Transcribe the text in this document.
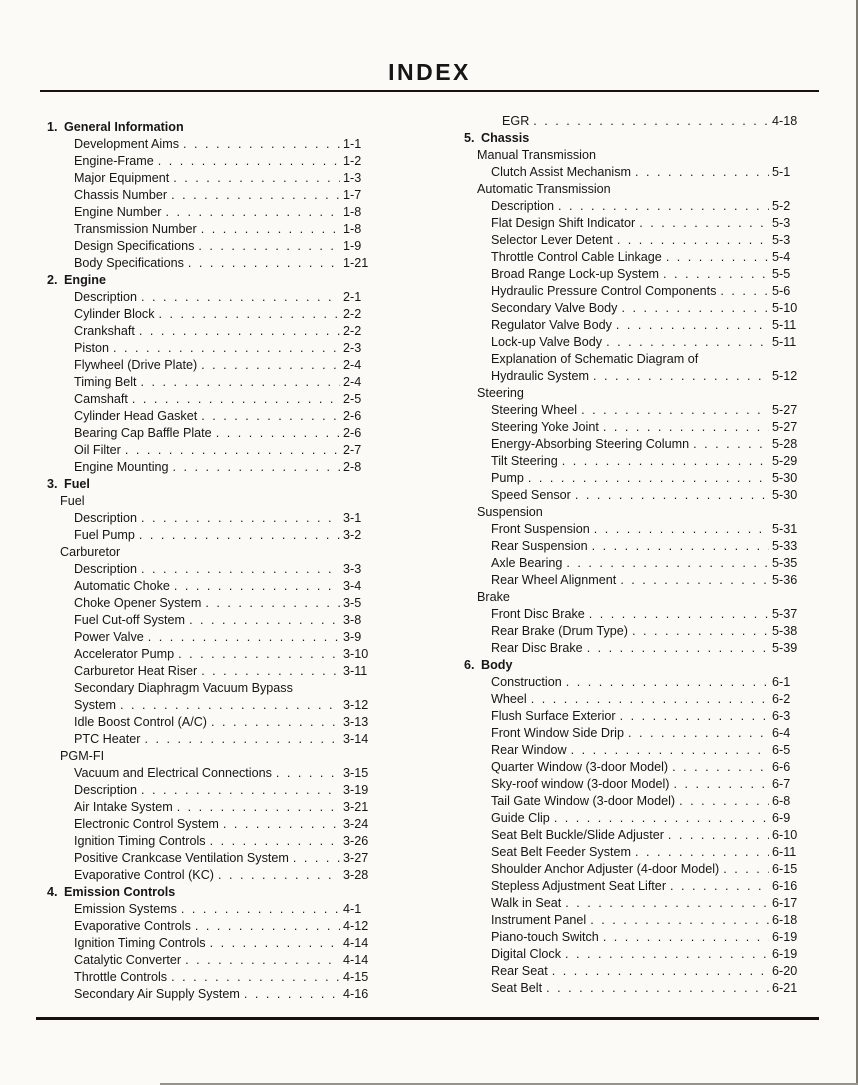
INDEX
1. General Information
Development Aims . . .	1-1
Engine-Frame . . .	1-2
Major Equipment . . .	1-3
Chassis Number . . .	1-7
Engine Number . . .	1-8
Transmission Number . . .	1-8
Design Specifications . . .	1-9
Body Specifications . . .	1-21
2. Engine
Description . . .	2-1
Cylinder Block . . .	2-2
Crankshaft . . .	2-2
Piston . . .	2-3
Flywheel (Drive Plate) . . .	2-4
Timing Belt . . .	2-4
Camshaft . . .	2-5
Cylinder Head Gasket . . .	2-6
Bearing Cap Baffle Plate . . .	2-6
Oil Filter . . .	2-7
Engine Mounting . . .	2-8
3. Fuel
Fuel
Description . . .	3-1
Fuel Pump . . .	3-2
Carburetor
Description . . .	3-3
Automatic Choke . . .	3-4
Choke Opener System . . .	3-5
Fuel Cut-off System . . .	3-8
Power Valve . . .	3-9
Accelerator Pump . . .	3-10
Carburetor Heat Riser . . .	3-11
Secondary Diaphragm Vacuum Bypass
System . . .	3-12
Idle Boost Control (A/C) . . .	3-13
PTC Heater . . .	3-14
PGM-FI
Vacuum and Electrical Connections . . .	3-15
Description . . .	3-19
Air Intake System . . .	3-21
Electronic Control System . . .	3-24
Ignition Timing Controls . . .	3-26
Positive Crankcase Ventilation System . . .	3-27
Evaporative Control (KC) . . .	3-28
4. Emission Controls
Emission Systems . . .	4-1
Evaporative Controls . . .	4-12
Ignition Timing Controls . . .	4-14
Catalytic Converter . . .	4-14
Throttle Controls . . .	4-15
Secondary Air Supply System . . .	4-16
EGR . . .	4-18
5. Chassis
Manual Transmission
Clutch Assist Mechanism . . .	5-1
Automatic Transmission
Description . . .	5-2
Flat Design Shift Indicator . . .	5-3
Selector Lever Detent . . .	5-3
Throttle Control Cable Linkage . . .	5-4
Broad Range Lock-up System . . .	5-5
Hydraulic Pressure Control Components . . .	5-6
Secondary Valve Body . . .	5-10
Regulator Valve Body . . .	5-11
Lock-up Valve Body . . .	5-11
Explanation of Schematic Diagram of
Hydraulic System . . .	5-12
Steering
Steering Wheel . . .	5-27
Steering Yoke Joint . . .	5-27
Energy-Absorbing Steering Column . . .	5-28
Tilt Steering . . .	5-29
Pump . . .	5-30
Speed Sensor . . .	5-30
Suspension
Front Suspension . . .	5-31
Rear Suspension . . .	5-33
Axle Bearing . . .	5-35
Rear Wheel Alignment . . .	5-36
Brake
Front Disc Brake . . .	5-37
Rear Brake (Drum Type) . . .	5-38
Rear Disc Brake . . .	5-39
6. Body
Construction . . .	6-1
Wheel . . .	6-2
Flush Surface Exterior . . .	6-3
Front Window Side Drip . . .	6-4
Rear Window . . .	6-5
Quarter Window (3-door Model) . . .	6-6
Sky-roof window (3-door Model) . . .	6-7
Tail Gate Window (3-door Model) . . .	6-8
Guide Clip . . .	6-9
Seat Belt Buckle/Slide Adjuster . . .	6-10
Seat Belt Feeder System . . .	6-11
Shoulder Anchor Adjuster (4-door Model) . . .	6-15
Stepless Adjustment Seat Lifter . . .	6-16
Walk in Seat . . .	6-17
Instrument Panel . . .	6-18
Piano-touch Switch . . .	6-19
Digital Clock . . .	6-19
Rear Seat . . .	6-20
Seat Belt . . .	6-21
